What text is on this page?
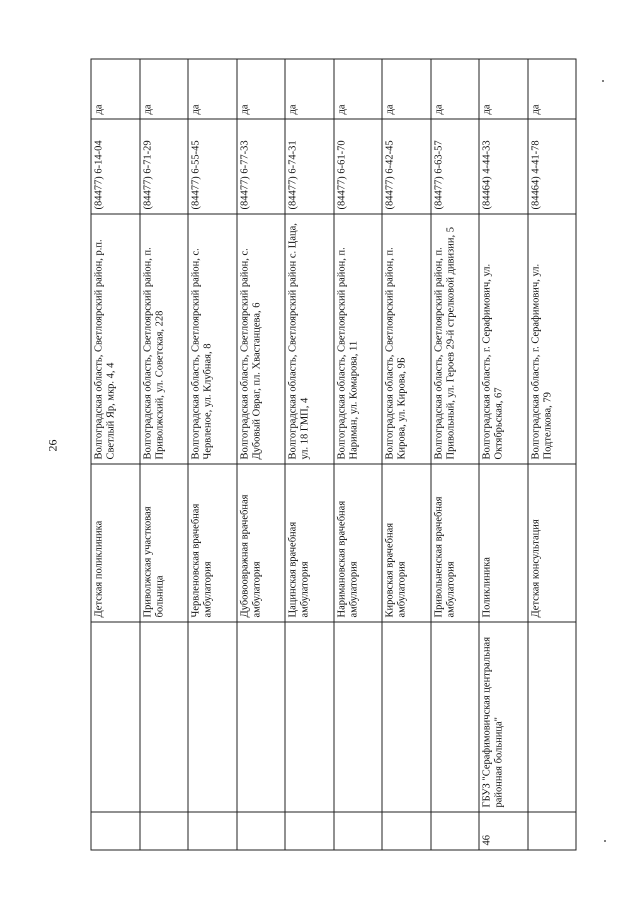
26
		Детская поликлиника	Волгоградская область, Светлоярский район, р.п. Светлый Яр, мкр. 4, 4	(84477) 6-14-04	да
		Приволжская участковая больница	Волгоградская область, Светлоярский район, п. Приволжский, ул. Советская, 228	(84477) 6-71-29	да
		Червленовская врачебная амбулатория	Волгоградская область, Светлоярский район, с. Червленое, ул. Клубная, 8	(84477) 6-55-45	да
		Дубовоовражная врачебная амбулатория	Волгоградская область, Светлоярский район, с. Дубовый Овраг, пл. Хвастанцева, 6	(84477) 6-77-33	да
		Цацинская врачебная амбулатория	Волгоградская область, Светлоярский район с. Цаца, ул. 18 ГМП, 4	(84477) 6-74-31	да
		Наримановская врачебная амбулатория	Волгоградская область, Светлоярский район, п. Нариман, ул. Комарова, 11	(84477) 6-61-70	да
		Кировская врачебная амбулатория	Волгоградская область, Светлоярский район, п. Кирова, ул. Кирова, 9Б	(84477) 6-42-45	да
		Привольненская врачебная амбулатория	Волгоградская область, Светлоярский район, п. Привольный, ул. Героев 29-й стрелковой дивизии, 5	(84477) 6-63-57	да
46	ГБУЗ "Серафимовичская центральная районная больница"	Поликлиника	Волгоградская область, г. Серафимович, ул. Октябрьская, 67	(84464) 4-44-33	да
		Детская консультация	Волгоградская область, г. Серафимович, ул. Подтелкова, 79	(84464) 4-41-78	да
